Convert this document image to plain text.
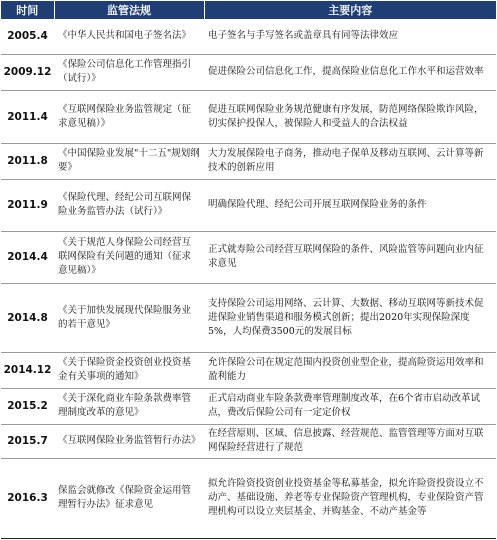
时间	监管法规	主要内容
2005.4	《中华人民共和国电子签名法》	电子签名与手写签名或盖章具有同等法律效应
2009.12	《保险公司信息化工作管理指引（试行）》	促进保险公司信息化工作，提高保险业信息化工作水平和运营效率
2011.4	《互联网保险业务监管规定（征求意见稿）》	促进互联网保险业务规范健康有序发展，防范网络保险欺诈风险，切实保护投保人，被保险人和受益人的合法权益
2011.8	《中国保险业发展"十二五"规划纲要》	大力发展保险电子商务，推动电子保单及移动互联网、云计算等新技术的创新应用
2011.9	《保险代理、经纪公司互联网保险业务监管办法（试行）》	明确保险代理、经纪公司开展互联网保险业务的条件
2014.4	《关于规范人身保险公司经营互联网保险有关问题的通知（征求意见稿）》	正式就寿险公司经营互联网保险的条件、风险监管等问题向业内征求意见
2014.8	《关于加快发展现代保险服务业的若干意见》	支持保险公司运用网络、云计算、大数据、移动互联网等新技术促进保险业销售渠道和服务模式创新；提出2020年实现保险深度5%，人均保费3500元的发展目标
2014.12	《关于保险资金投资创业投资基金有关事项的通知》	允许保险公司在规定范围内投资创业型企业，提高险资运用效率和盈利能力
2015.2	《关于深化商业车险条款费率管理制度改革的意见》	正式启动商业车险条款费率管理制度改革，在6个省市启动改革试点，费改后保险公司有一定定价权
2015.7	《互联网保险业务监管暂行办法》	在经营原则、区域、信息披露、经营规范、监管管理等方面对互联网保险经营进行了规范
2016.3	保监会就修改《保险资金运用管理暂行办法》征求意见	拟允许险资投资创业投资基金等私募基金，拟允许险资投资设立不动产、基础设施、养老等专业保险资产管理机构，专业保险资产管理机构可以设立夹层基金、并购基金、不动产基金等
